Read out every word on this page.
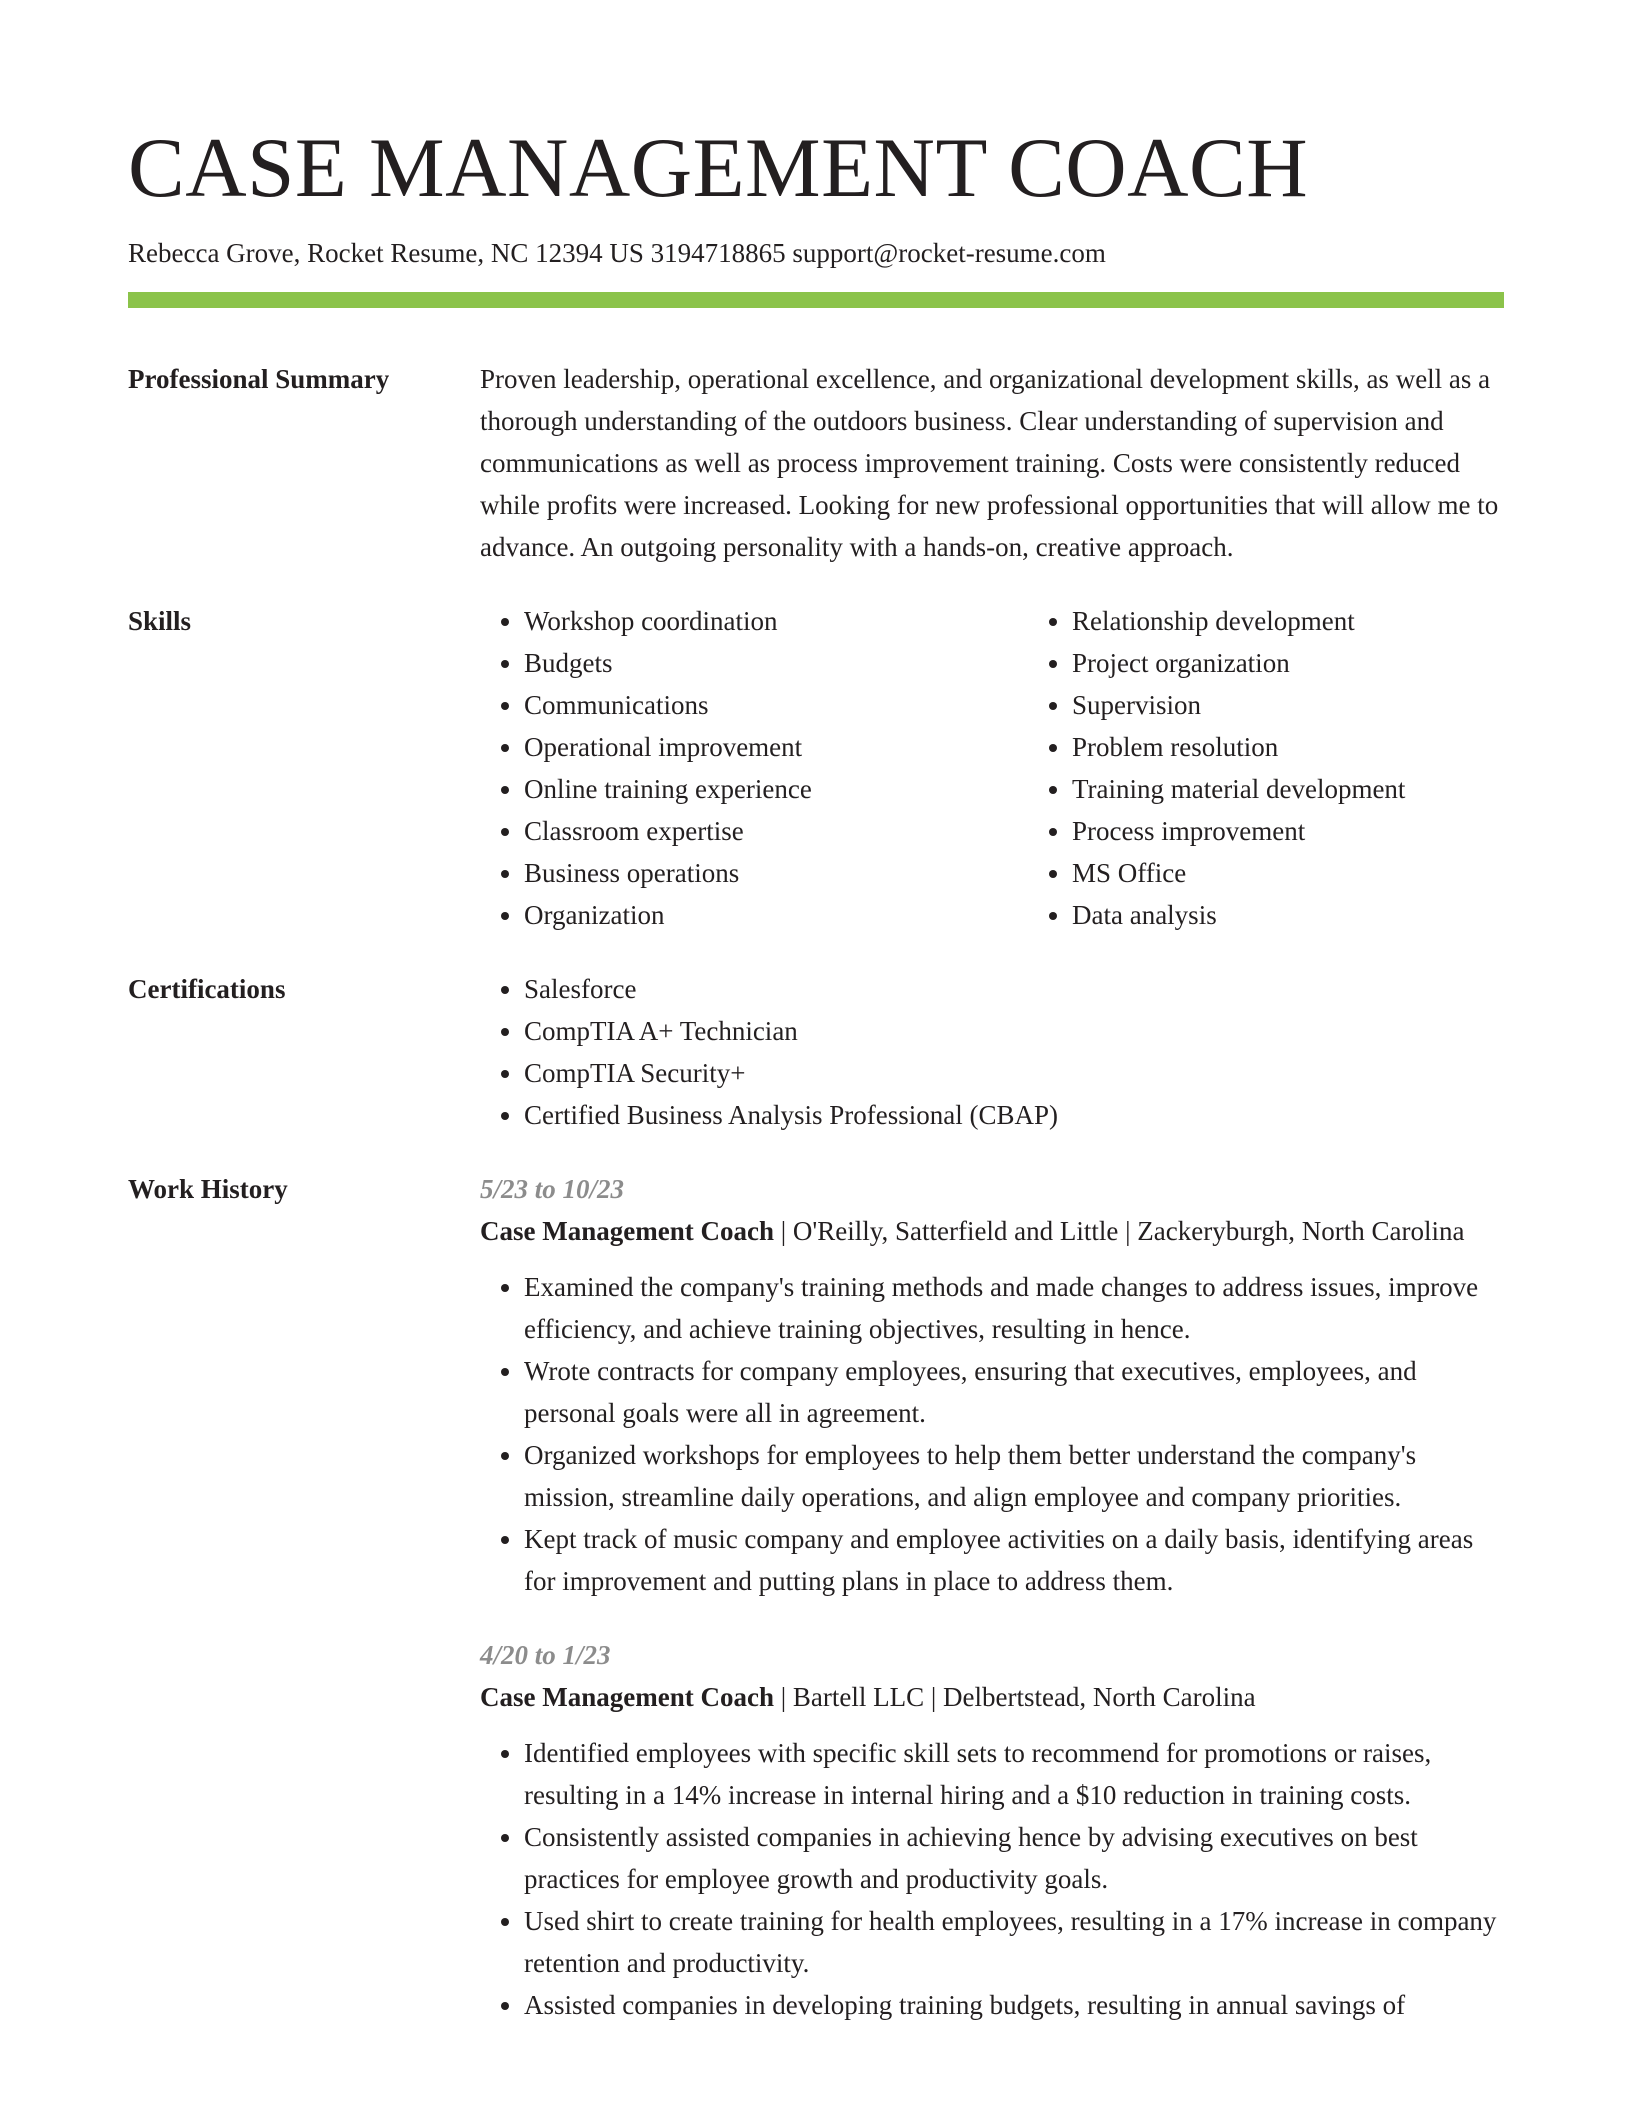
CASE MANAGEMENT COACH
Rebecca Grove, Rocket Resume, NC 12394 US 3194718865 support@rocket-resume.com
Professional Summary	Proven leadership, operational excellence, and organizational development skills, as well as a thorough understanding of the outdoors business. Clear understanding of supervision and communications as well as process improvement training. Costs were consistently reduced while profits were increased. Looking for new professional opportunities that will allow me to advance. An outgoing personality with a hands-on, creative approach.

Skills	• Workshop coordination
• Budgets
• Communications
• Operational improvement
• Online training experience
• Classroom expertise
• Business operations
• Organization
• Relationship development
• Project organization
• Supervision
• Problem resolution
• Training material development
• Process improvement
• MS Office
• Data analysis
Certifications	• Salesforce
• CompTIA A+ Technician
• CompTIA Security+
• Certified Business Analysis Professional (CBAP)
Work History	5/23 to 10/23
Case Management Coach | O'Reilly, Satterfield and Little | Zackeryburgh, North Carolina
• Examined the company's training methods and made changes to address issues, improve efficiency, and achieve training objectives, resulting in hence.
• Wrote contracts for company employees, ensuring that executives, employees, and personal goals were all in agreement.
• Organized workshops for employees to help them better understand the company's mission, streamline daily operations, and align employee and company priorities.
• Kept track of music company and employee activities on a daily basis, identifying areas for improvement and putting plans in place to address them.
4/20 to 1/23
Case Management Coach | Bartell LLC | Delbertstead, North Carolina
• Identified employees with specific skill sets to recommend for promotions or raises, resulting in a 14% increase in internal hiring and a $10 reduction in training costs.
• Consistently assisted companies in achieving hence by advising executives on best practices for employee growth and productivity goals.
• Used shirt to create training for health employees, resulting in a 17% increase in company retention and productivity.
• Assisted companies in developing training budgets, resulting in annual savings of
